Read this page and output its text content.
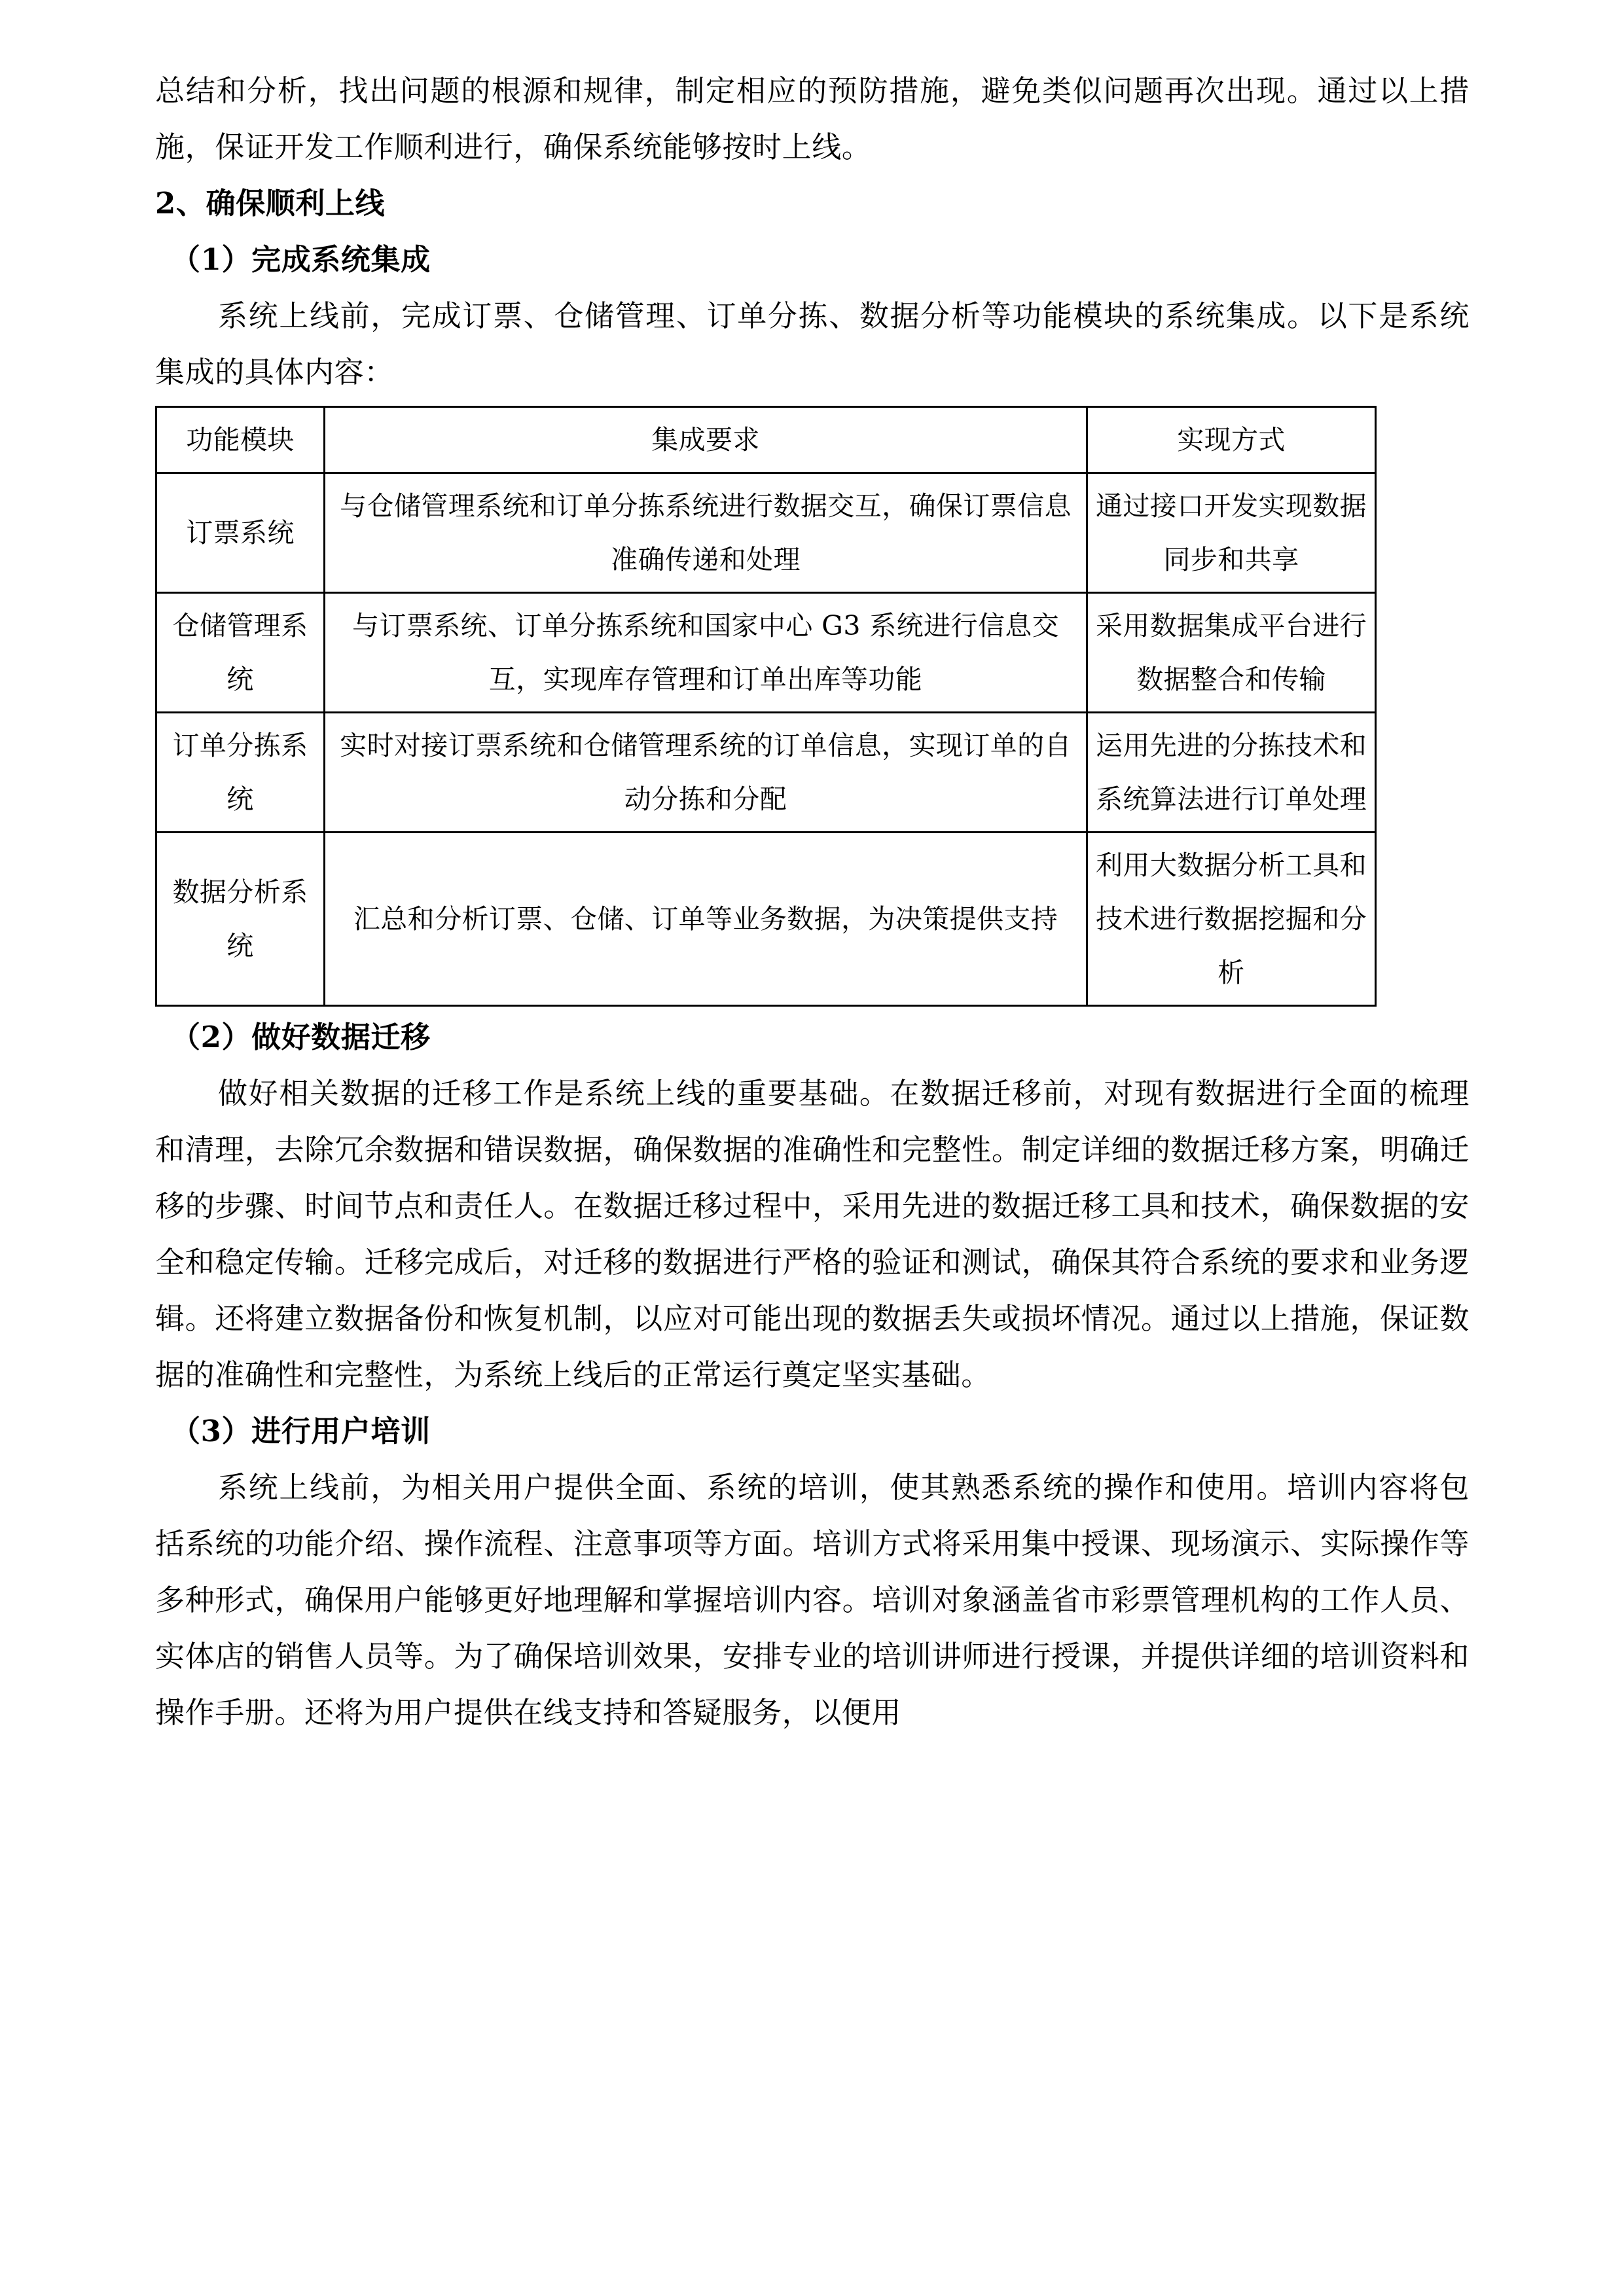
总结和分析，找出问题的根源和规律，制定相应的预防措施，避免类似问题再次出现。通过以上措施，保证开发工作顺利进行，确保系统能够按时上线。

2、确保顺利上线

（1）完成系统集成

系统上线前，完成订票、仓储管理、订单分拣、数据分析等功能模块的系统集成。以下是系统集成的具体内容：

功能模块	集成要求	实现方式
订票系统	与仓储管理系统和订单分拣系统进行数据交互，确保订票信息准确传递和处理	通过接口开发实现数据同步和共享
仓储管理系统	与订票系统、订单分拣系统和国家中心 G3 系统进行信息交互，实现库存管理和订单出库等功能	采用数据集成平台进行数据整合和传输
订单分拣系统	实时对接订票系统和仓储管理系统的订单信息，实现订单的自动分拣和分配	运用先进的分拣技术和系统算法进行订单处理
数据分析系统	汇总和分析订票、仓储、订单等业务数据，为决策提供支持	利用大数据分析工具和技术进行数据挖掘和分析

（2）做好数据迁移

做好相关数据的迁移工作是系统上线的重要基础。在数据迁移前，对现有数据进行全面的梳理和清理，去除冗余数据和错误数据，确保数据的准确性和完整性。制定详细的数据迁移方案，明确迁移的步骤、时间节点和责任人。在数据迁移过程中，采用先进的数据迁移工具和技术，确保数据的安全和稳定传输。迁移完成后，对迁移的数据进行严格的验证和测试，确保其符合系统的要求和业务逻辑。还将建立数据备份和恢复机制，以应对可能出现的数据丢失或损坏情况。通过以上措施，保证数据的准确性和完整性，为系统上线后的正常运行奠定坚实基础。

（3）进行用户培训

系统上线前，为相关用户提供全面、系统的培训，使其熟悉系统的操作和使用。培训内容将包括系统的功能介绍、操作流程、注意事项等方面。培训方式将采用集中授课、现场演示、实际操作等多种形式，确保用户能够更好地理解和掌握培训内容。培训对象涵盖省市彩票管理机构的工作人员、实体店的销售人员等。为了确保培训效果，安排专业的培训讲师进行授课，并提供详细的培训资料和操作手册。还将为用户提供在线支持和答疑服务，以便用
